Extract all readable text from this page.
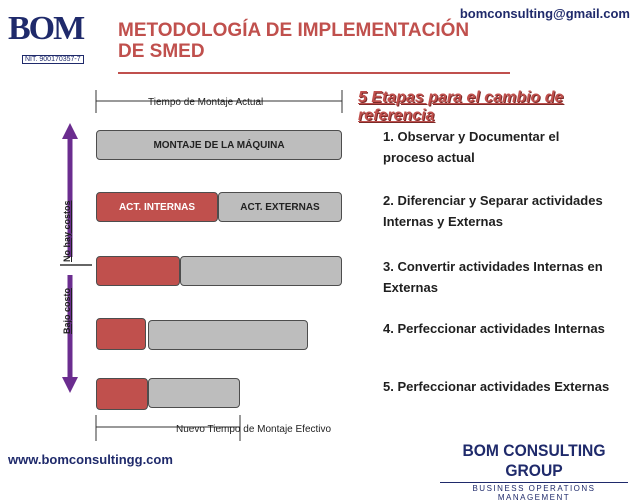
bomconsulting@gmail.com
BOM
NIT. 900170357-7
METODOLOGÍA DE IMPLEMENTACIÓN
DE SMED
Tiempo de Montaje Actual
MONTAJE DE LA MÁQUINA
ACT. INTERNAS	ACT. EXTERNAS
Nuevo Tiempo de Montaje Efectivo
No hay costos
Bajo costo
5 Etapas para el cambio de referencia
1. Observar y Documentar el proceso actual
2. Diferenciar y Separar actividades Internas y Externas
3. Convertir actividades Internas en Externas
4. Perfeccionar actividades Internas
5. Perfeccionar actividades Externas
www.bomconsultingg.com	BOM CONSULTING GROUP
BUSINESS OPERATIONS MANAGEMENT
